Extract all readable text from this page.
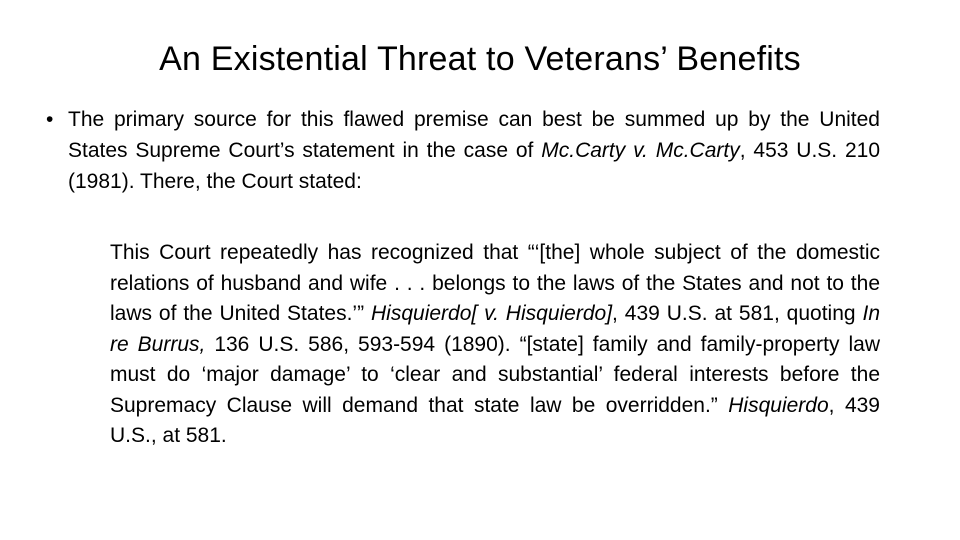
An Existential Threat to Veterans’ Benefits
• The primary source for this flawed premise can best be summed up by the United States Supreme Court’s statement in the case of Mc.Carty v. Mc.Carty, 453 U.S. 210 (1981). There, the Court stated:
This Court repeatedly has recognized that “‘[the] whole subject of the domestic relations of husband and wife . . . belongs to the laws of the States and not to the laws of the United States.’” Hisquierdo[ v. Hisquierdo], 439 U.S. at 581, quoting In re Burrus, 136 U.S. 586, 593-594 (1890). “[state] family and family-property law must do ‘major damage’ to ‘clear and substantial’ federal interests before the Supremacy Clause will demand that state law be overridden.” Hisquierdo, 439 U.S., at 581.
